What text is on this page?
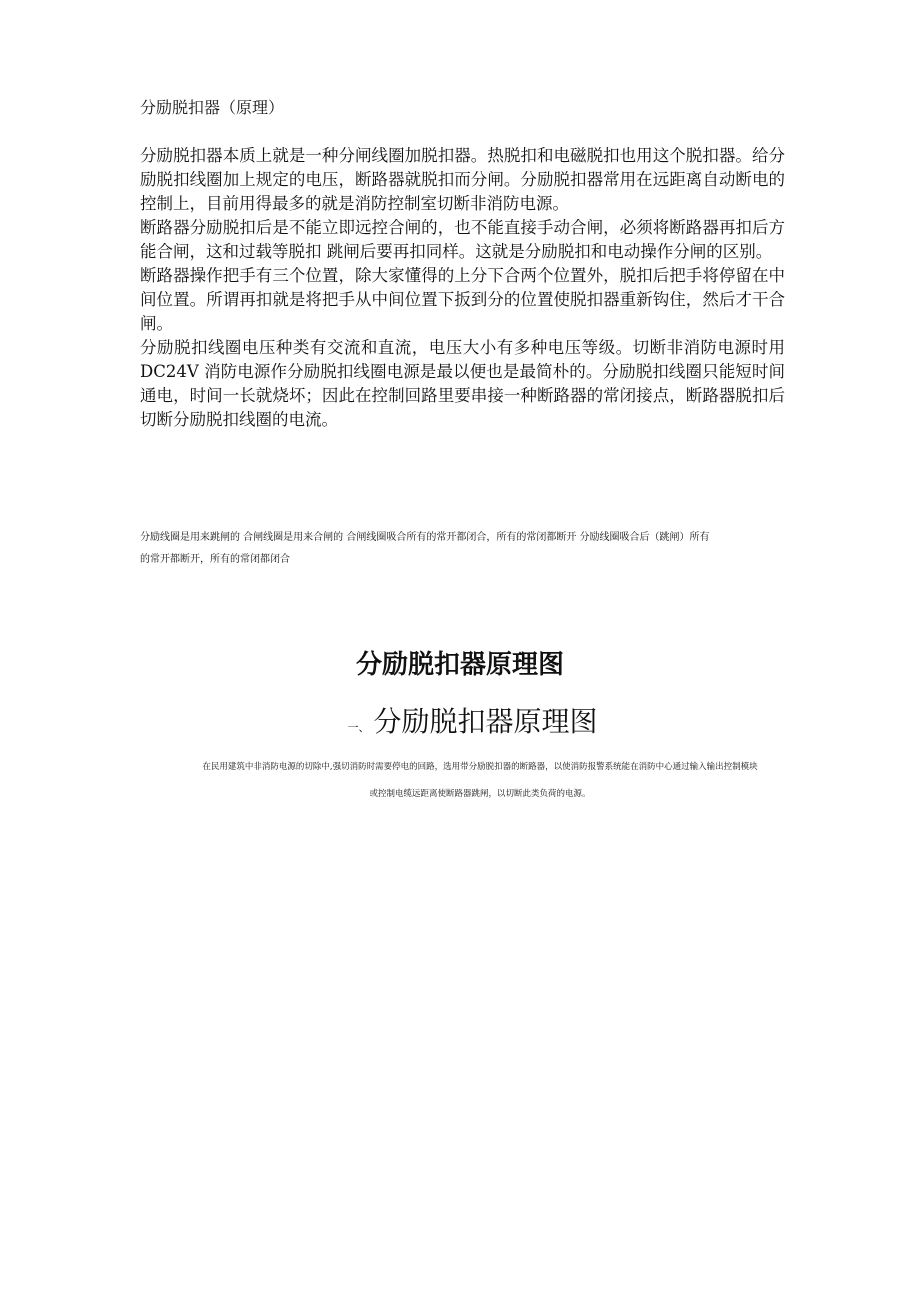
分励脱扣器（原理）

分励脱扣器本质上就是一种分闸线圈加脱扣器。热脱扣和电磁脱扣也用这个脱扣器。给分励脱扣线圈加上规定的电压，断路器就脱扣而分闸。分励脱扣器常用在远距离自动断电的控制上，目前用得最多的就是消防控制室切断非消防电源。

断路器分励脱扣后是不能立即远控合闸的，也不能直接手动合闸，必须将断路器再扣后方能合闸，这和过载等脱扣 跳闸后要再扣同样。这就是分励脱扣和电动操作分闸的区别。

断路器操作把手有三个位置，除大家懂得的上分下合两个位置外，脱扣后把手将停留在中间位置。所谓再扣就是将把手从中间位置下扳到分的位置使脱扣器重新钩住，然后才干合闸。

分励脱扣线圈电压种类有交流和直流，电压大小有多种电压等级。切断非消防电源时用 DC24V 消防电源作分励脱扣线圈电源是最以便也是最简朴的。分励脱扣线圈只能短时间通电，时间一长就烧坏；因此在控制回路里要串接一种断路器的常闭接点，断路器脱扣后切断分励脱扣线圈的电流。

分励线圈是用来跳闸的 合闸线圈是用来合闸的 合闸线圈吸合所有的常开都闭合，所有的常闭都断开 分励线圈吸合后（跳闸）所有

的常开都断开，所有的常闭都闭合

分励脱扣器原理图
一、 分励脱扣器原理图

在民用建筑中非消防电源的切除中,强切消防时需要停电的回路，选用带分励脱扣器的断路器，以使消防报警系统能在消防中心通过输入输出控制模块

或控制电缆远距离使断路器跳闸，以切断此类负荷的电源。
